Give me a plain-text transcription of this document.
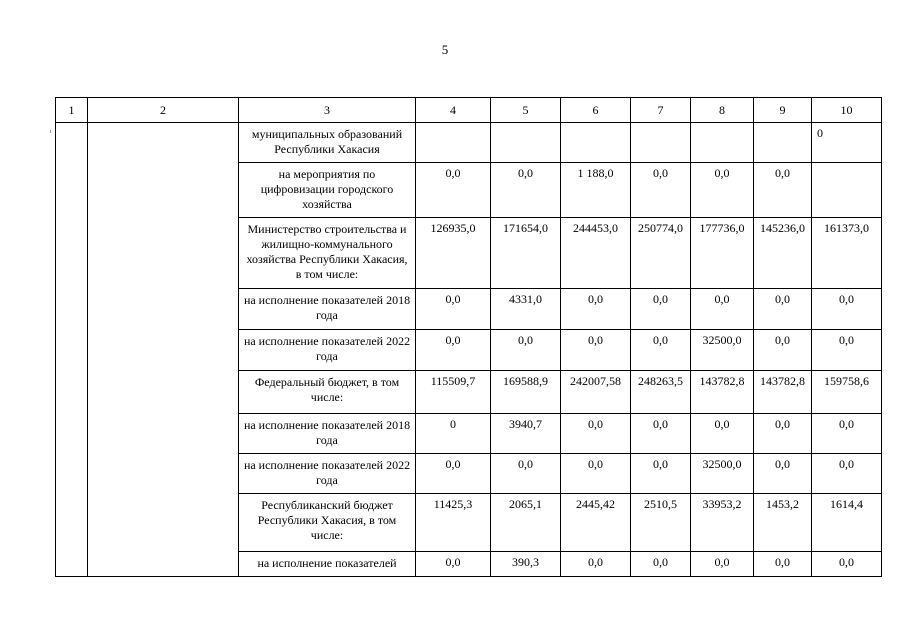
5
1	2	3	4	5	6	7	8	9	10
		муниципальных образований Республики Хакасия							0
		на мероприятия по цифровизации городского хозяйства	0,0	0,0	1 188,0	0,0	0,0	0,0	
		Министерство строительства и жилищно-коммунального хозяйства Республики Хакасия, в том числе:	126935,0	171654,0	244453,0	250774,0	177736,0	145236,0	161373,0
		на исполнение показателей 2018 года	0,0	4331,0	0,0	0,0	0,0	0,0	0,0
		на исполнение показателей 2022 года	0,0	0,0	0,0	0,0	32500,0	0,0	0,0
		Федеральный бюджет, в том числе:	115509,7	169588,9	242007,58	248263,5	143782,8	143782,8	159758,6
		на исполнение показателей 2018 года	0	3940,7	0,0	0,0	0,0	0,0	0,0
		на исполнение показателей 2022 года	0,0	0,0	0,0	0,0	32500,0	0,0	0,0
		Республиканский бюджет Республики Хакасия, в том числе:	11425,3	2065,1	2445,42	2510,5	33953,2	1453,2	1614,4
		на исполнение показателей	0,0	390,3	0,0	0,0	0,0	0,0	0,0
